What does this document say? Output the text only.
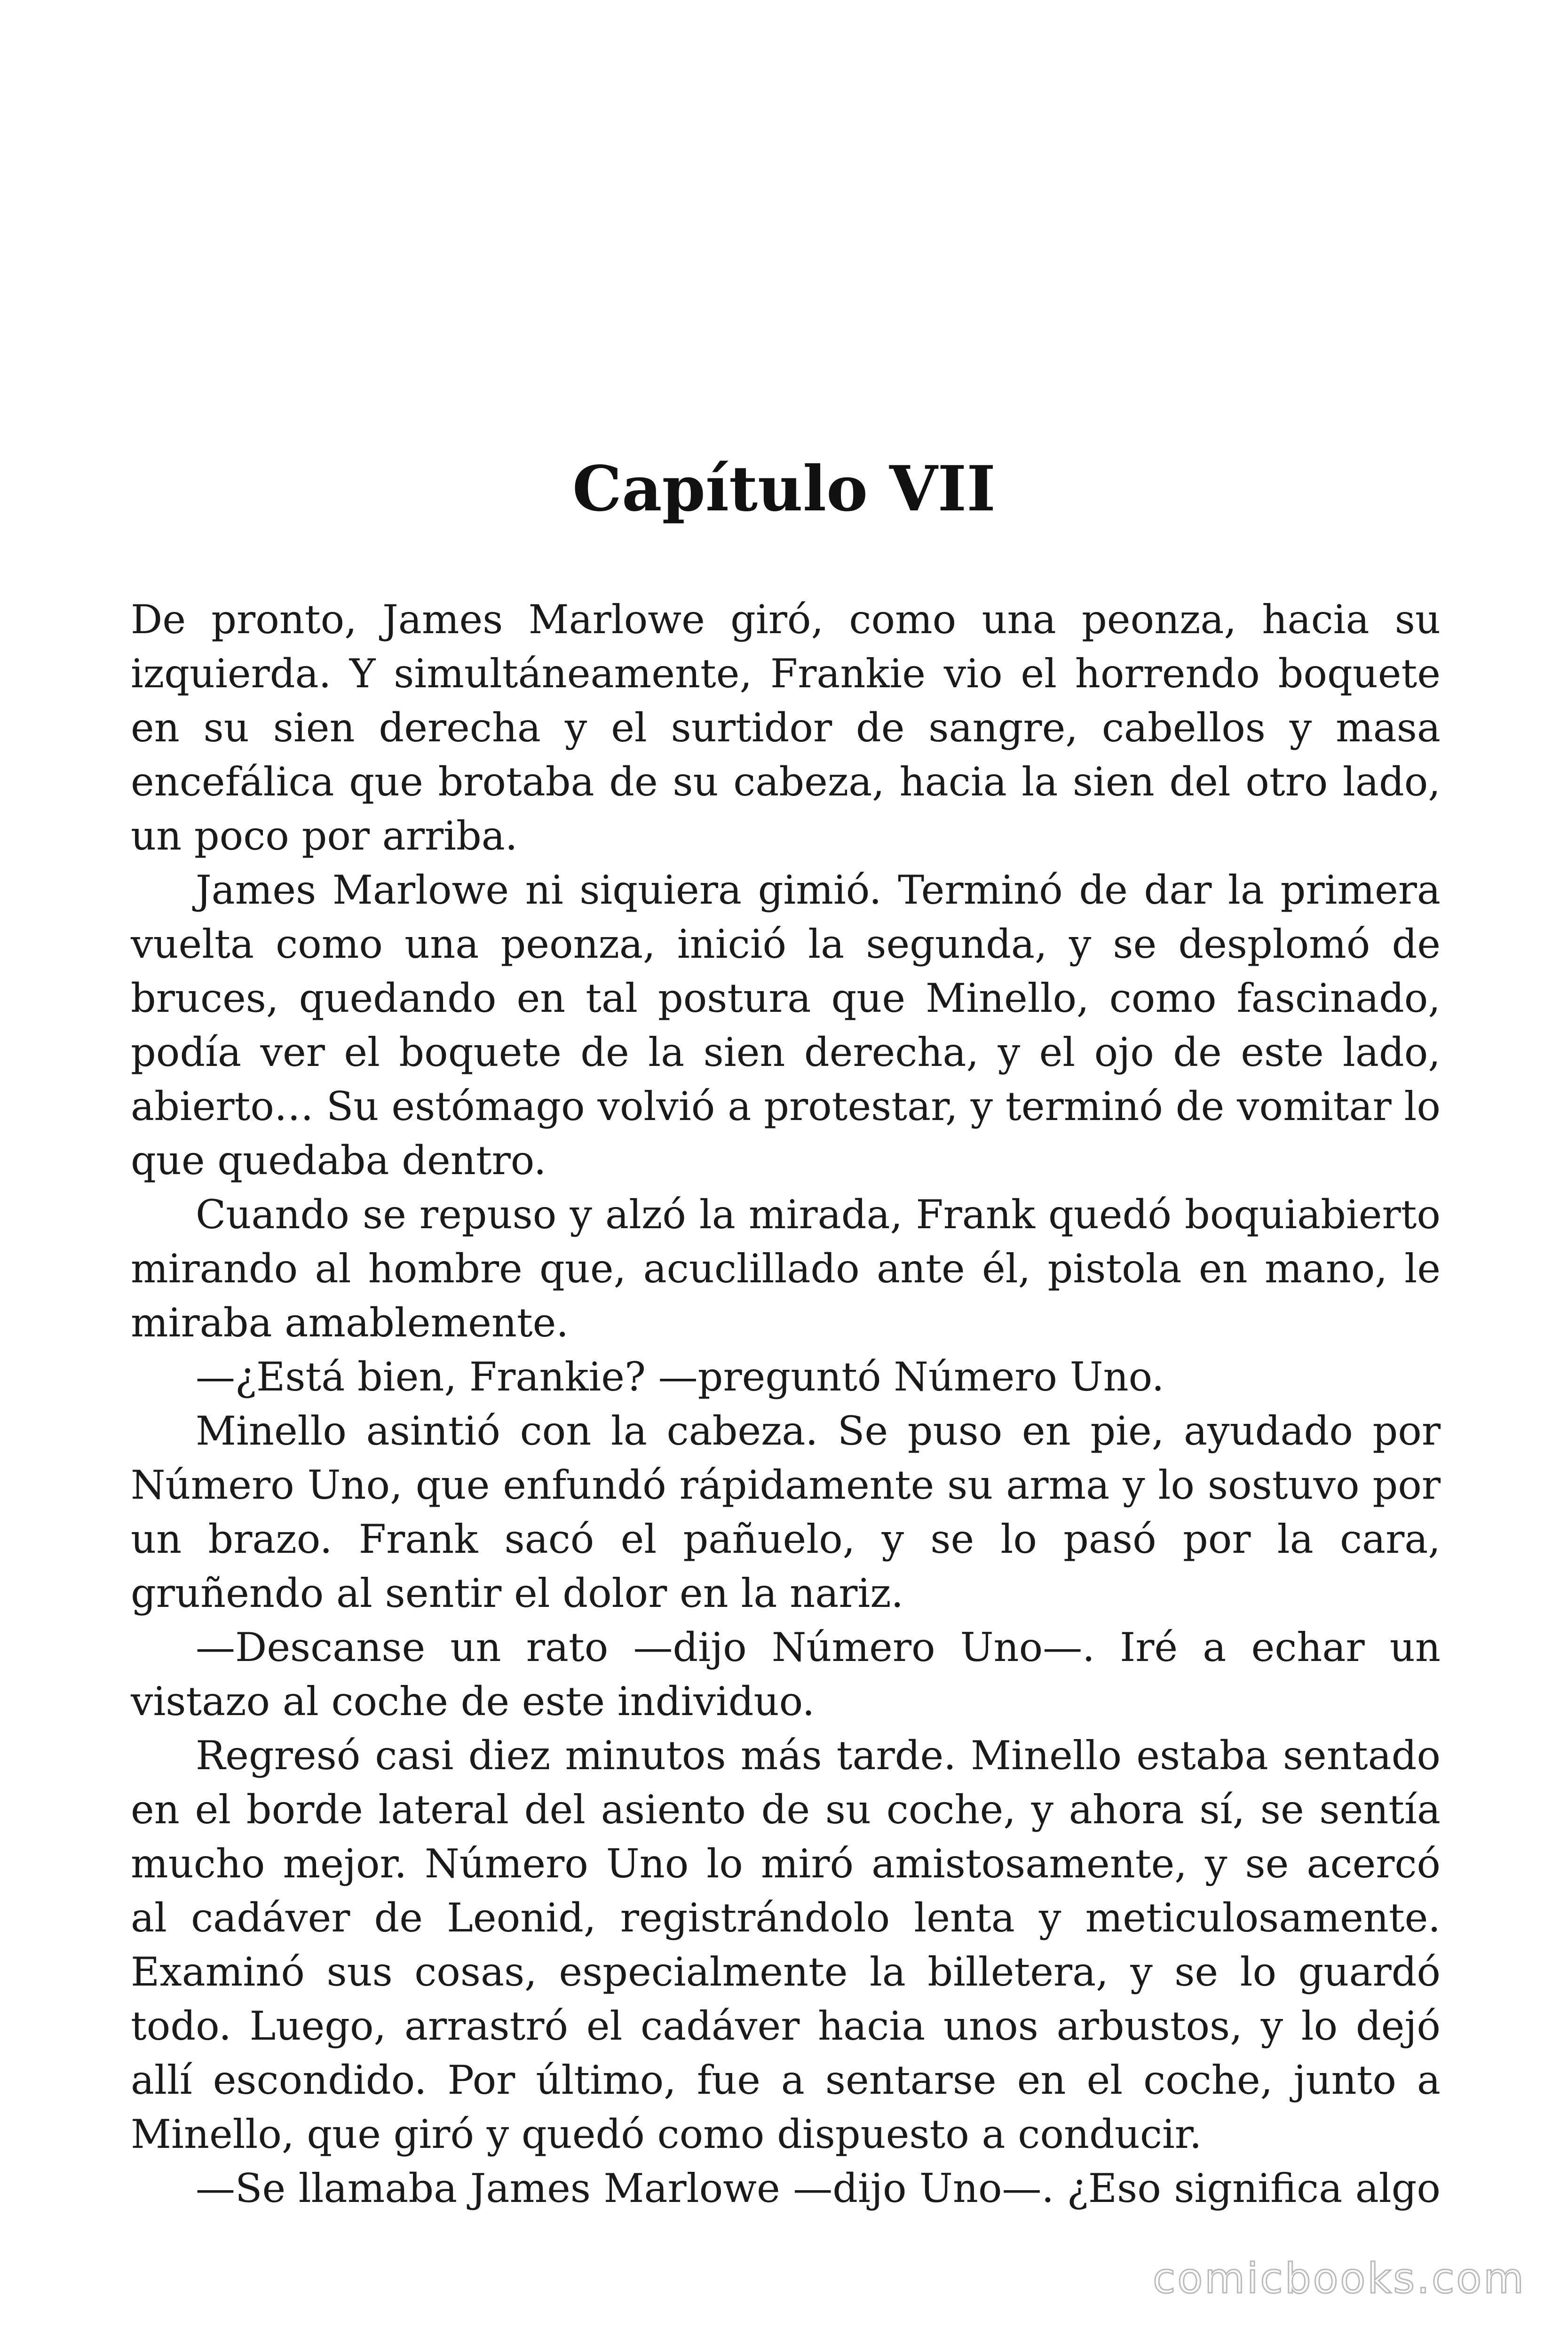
Capítulo VII

De pronto, James Marlowe giró, como una peonza, hacia su izquierda. Y simultáneamente, Frankie vio el horrendo boquete en su sien derecha y el surtidor de sangre, cabellos y masa encefálica que brotaba de su cabeza, hacia la sien del otro lado, un poco por arriba.

James Marlowe ni siquiera gimió. Terminó de dar la primera vuelta como una peonza, inició la segunda, y se desplomó de bruces, quedando en tal postura que Minello, como fascinado, podía ver el boquete de la sien derecha, y el ojo de este lado, abierto… Su estómago volvió a protestar, y terminó de vomitar lo que quedaba dentro.

Cuando se repuso y alzó la mirada, Frank quedó boquiabierto mirando al hombre que, acuclillado ante él, pistola en mano, le miraba amablemente.

—¿Está bien, Frankie? —preguntó Número Uno.

Minello asintió con la cabeza. Se puso en pie, ayudado por Número Uno, que enfundó rápidamente su arma y lo sostuvo por un brazo. Frank sacó el pañuelo, y se lo pasó por la cara, gruñendo al sentir el dolor en la nariz.

—Descanse un rato —dijo Número Uno—. Iré a echar un vistazo al coche de este individuo.

Regresó casi diez minutos más tarde. Minello estaba sentado en el borde lateral del asiento de su coche, y ahora sí, se sentía mucho mejor. Número Uno lo miró amistosamente, y se acercó al cadáver de Leonid, registrándolo lenta y meticulosamente. Examinó sus cosas, especialmente la billetera, y se lo guardó todo. Luego, arrastró el cadáver hacia unos arbustos, y lo dejó allí escondido. Por último, fue a sentarse en el coche, junto a Minello, que giró y quedó como dispuesto a conducir.

—Se llamaba James Marlowe —dijo Uno—. ¿Eso significa algo

comicbooks.com
